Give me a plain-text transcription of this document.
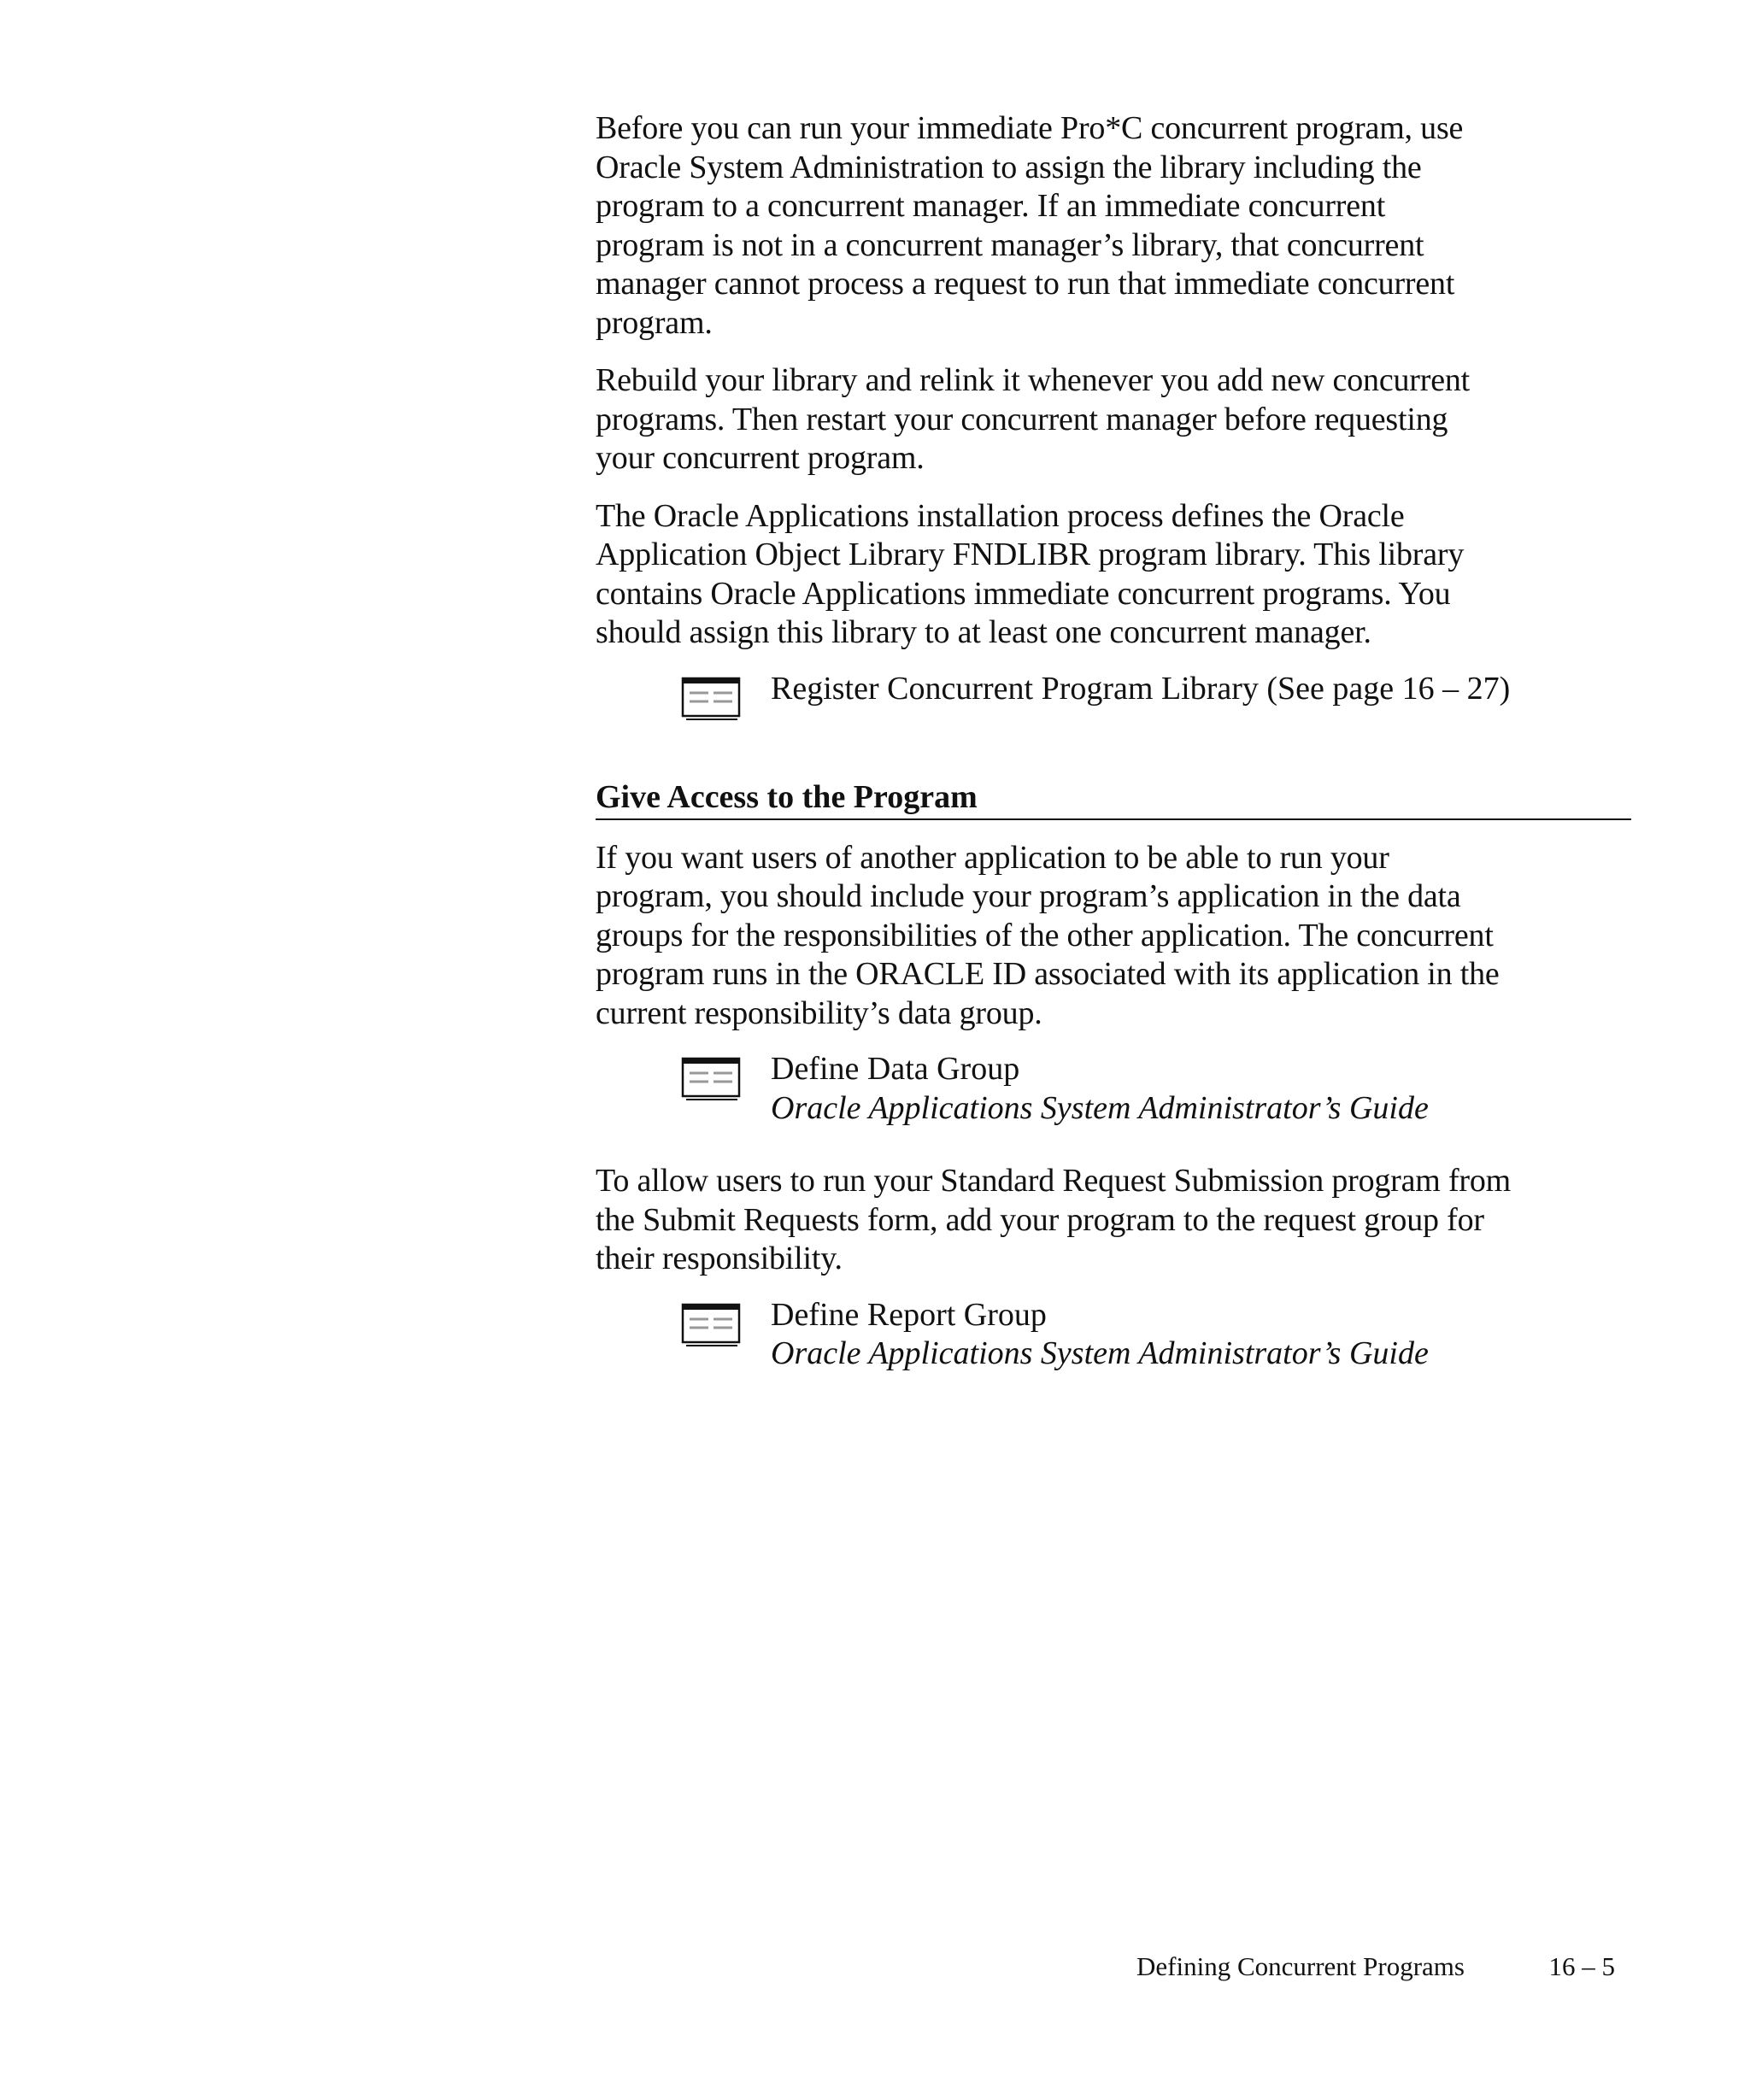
Before you can run your immediate Pro*C concurrent program, use
Oracle System Administration to assign the library including the
program to a concurrent manager. If an immediate concurrent
program is not in a concurrent manager’s library, that concurrent
manager cannot process a request to run that immediate concurrent
program.

Rebuild your library and relink it whenever you add new concurrent
programs. Then restart your concurrent manager before requesting
your concurrent program.

The Oracle Applications installation process defines the Oracle
Application Object Library FNDLIBR program library. This library
contains Oracle Applications immediate concurrent programs. You
should assign this library to at least one concurrent manager.

Register Concurrent Program Library (See page 16 – 27)
Give Access to the Program

If you want users of another application to be able to run your
program, you should include your program’s application in the data
groups for the responsibilities of the other application. The concurrent
program runs in the ORACLE ID associated with its application in the
current responsibility’s data group.

Define Data Group
Oracle Applications System Administrator’s Guide

To allow users to run your Standard Request Submission program from
the Submit Requests form, add your program to the request group for
their responsibility.

Define Report Group
Oracle Applications System Administrator’s Guide
Defining Concurrent Programs	16 – 5
